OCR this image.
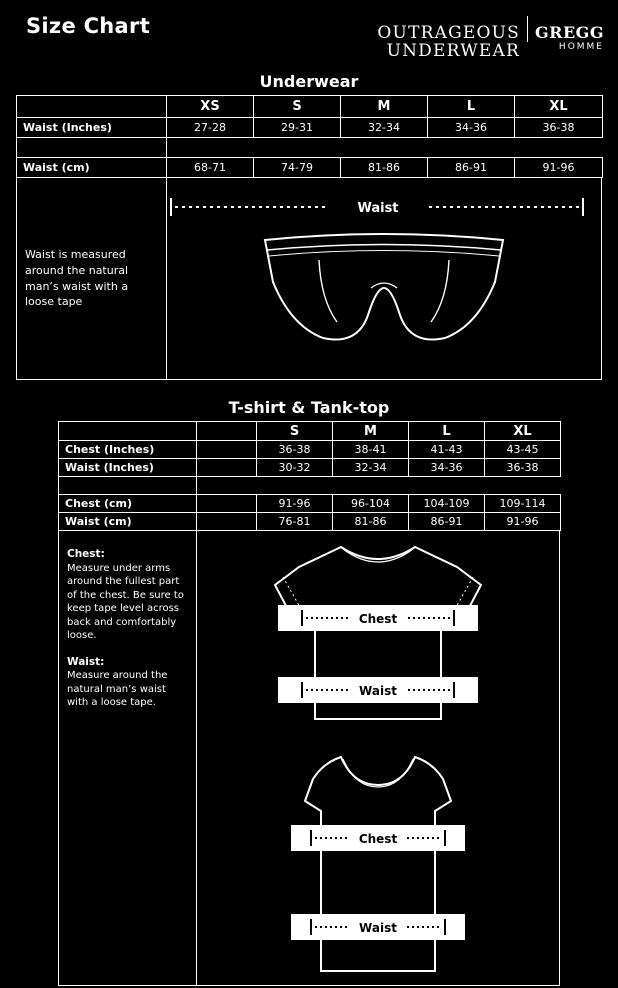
Size Chart	OUTRAGEOUS
UNDERWEAR
GREGG
HOMME
Underwear
	XS	S	M	L	XL
Waist (Inches)	27-28	29-31	32-34	34-36	36-38

Waist (cm)	68-71	74-79	81-86	86-91	91-96
Waist is measured around the natural man’s waist with a loose tape
Waist
T-shirt & Tank-top
		S	M	L	XL
Chest (Inches)		36-38	38-41	41-43	43-45
Waist (Inches)		30-32	32-34	34-36	36-38

Chest (cm)		91-96	96-104	104-109	109-114
Waist (cm)		76-81	81-86	86-91	91-96

Chest:
Measure under arms around the fullest part of the chest. Be sure to keep tape level across back and comfortably loose.

Waist:
Measure around the natural man’s waist with a loose tape.

Chest
Waist
Chest
Waist
